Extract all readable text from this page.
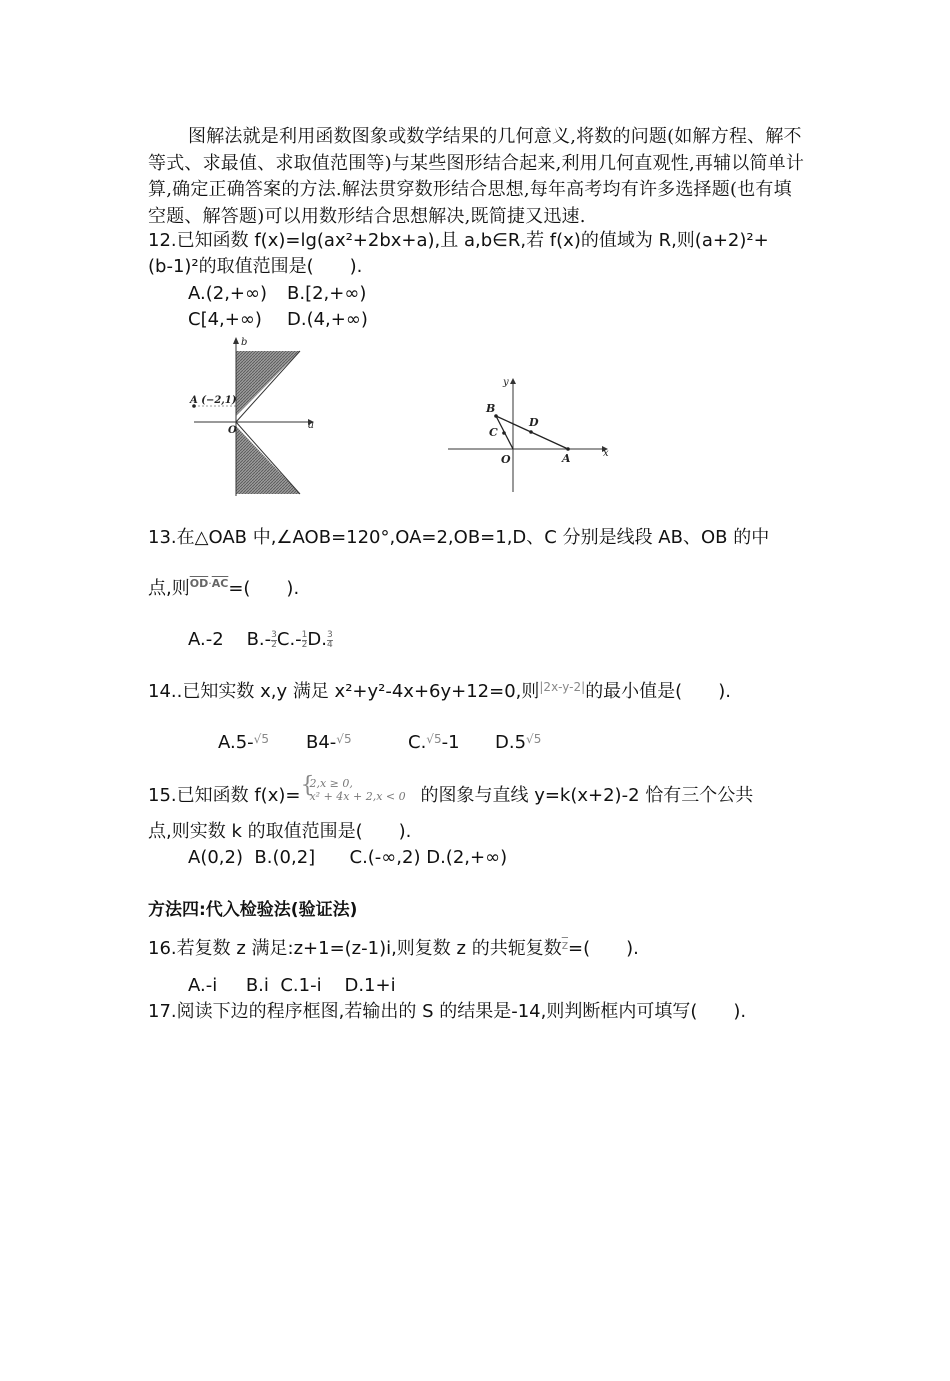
图解法就是利用函数图象或数学结果的几何意义,将数的问题(如解方程、解不等式、求最值、求取值范围等)与某些图形结合起来,利用几何直观性,再辅以简单计算,确定正确答案的方法.解法贯穿数形结合思想,每年高考均有许多选择题(也有填空题、解答题)可以用数形结合思想解决,既简捷又迅速.
12.已知函数 f(x)=lg(ax²+2bx+a),且 a,b∈R,若 f(x)的值域为 R,则(a+2)²+
(b-1)²的取值范围是(　　).
A.(2,+∞) B.[2,+∞)
C[4,+∞) D.(4,+∞)
A (−2,1)
O	a
b
B
C
D
A
O	x
y
13.在△OAB 中,∠AOB=120°,OA=2,OB=1,D、C 分别是线段 AB、OB 的中
点,则$^{\overline{OD}\cdot\overline{AC}}$=(　　).
A.-2 $B.- \frac{3}{2} C.- \frac{1}{2} D$. $\frac{3}{4}$
14..已知实数 x,y 满足 x²+y²-4x+6y+12=0,则$^{|2x-y-2|}$的最小值是(　　).
A.5-$^{√5}$ B4-$^{√5}$	C.$^{√5}$-1 $D.5^{√5}$
15.已知函数 f(x)= {
2,x ≥ 0,
x² + 4x + 2,x < 0 的图象与直线 y=k(x+2)-2 恰有三个公共
点,则实数 k 的取值范围是(　　).
A(0,2)  B.(0,2]      C.(-∞,2) D.(2,+∞)
方法四:代入检验法(验证法)
16.若复数 z 满足:z+1=(z-1)i,则复数 z 的共轭复数$^{\overline{z}}$=(　　).
A.-i     B.i  C.1-i    D.1+i
17.阅读下边的程序框图,若输出的 S 的结果是-14,则判断框内可填写(　　).
